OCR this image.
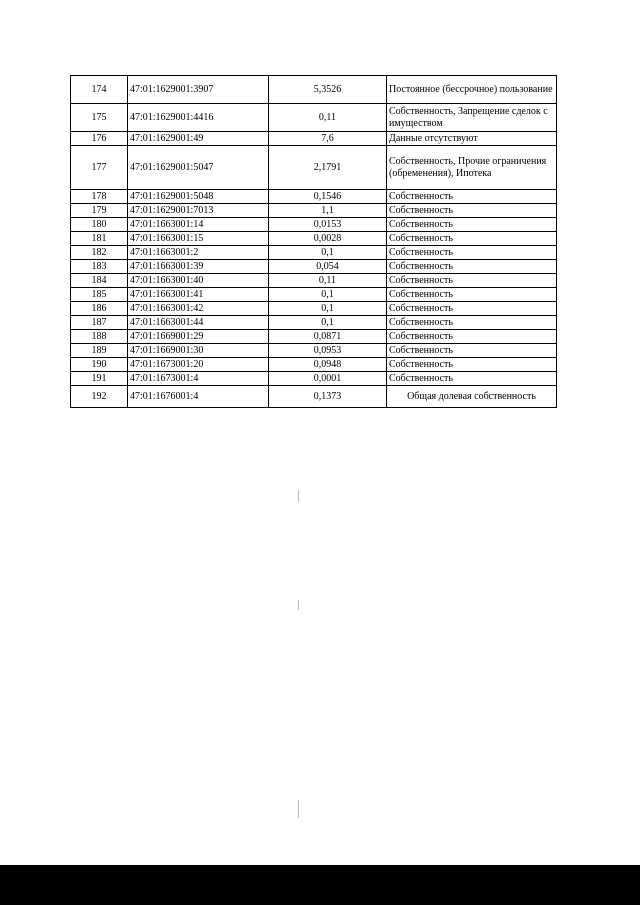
174	47:01:1629001:3907	5,3526	Постоянное (бессрочное) пользование
175	47:01:1629001:4416	0,11	Собственность, Запрещение сделок с имуществом
176	47:01:1629001:49	7,6	Данные отсутствуют
177	47:01:1629001:5047	2,1791	Собственность, Прочие ограничения (обременения), Ипотека
178	47:01:1629001:5048	0,1546	Собственность
179	47:01:1629001:7013	1,1	Собственность
180	47:01:1663001:14	0,0153	Собственность
181	47:01:1663001:15	0,0028	Собственность
182	47:01:1663001:2	0,1	Собственность
183	47:01:1663001:39	0,054	Собственность
184	47:01:1663001:40	0,11	Собственность
185	47:01:1663001:41	0,1	Собственность
186	47:01:1663001:42	0,1	Собственность
187	47:01:1663001:44	0,1	Собственность
188	47:01:1669001:29	0,0871	Собственность
189	47:01:1669001:30	0,0953	Собственность
190	47:01:1673001:20	0,0948	Собственность
191	47:01:1673001:4	0,0001	Собственность
192	47:01:1676001:4	0,1373	Общая долевая собственность
